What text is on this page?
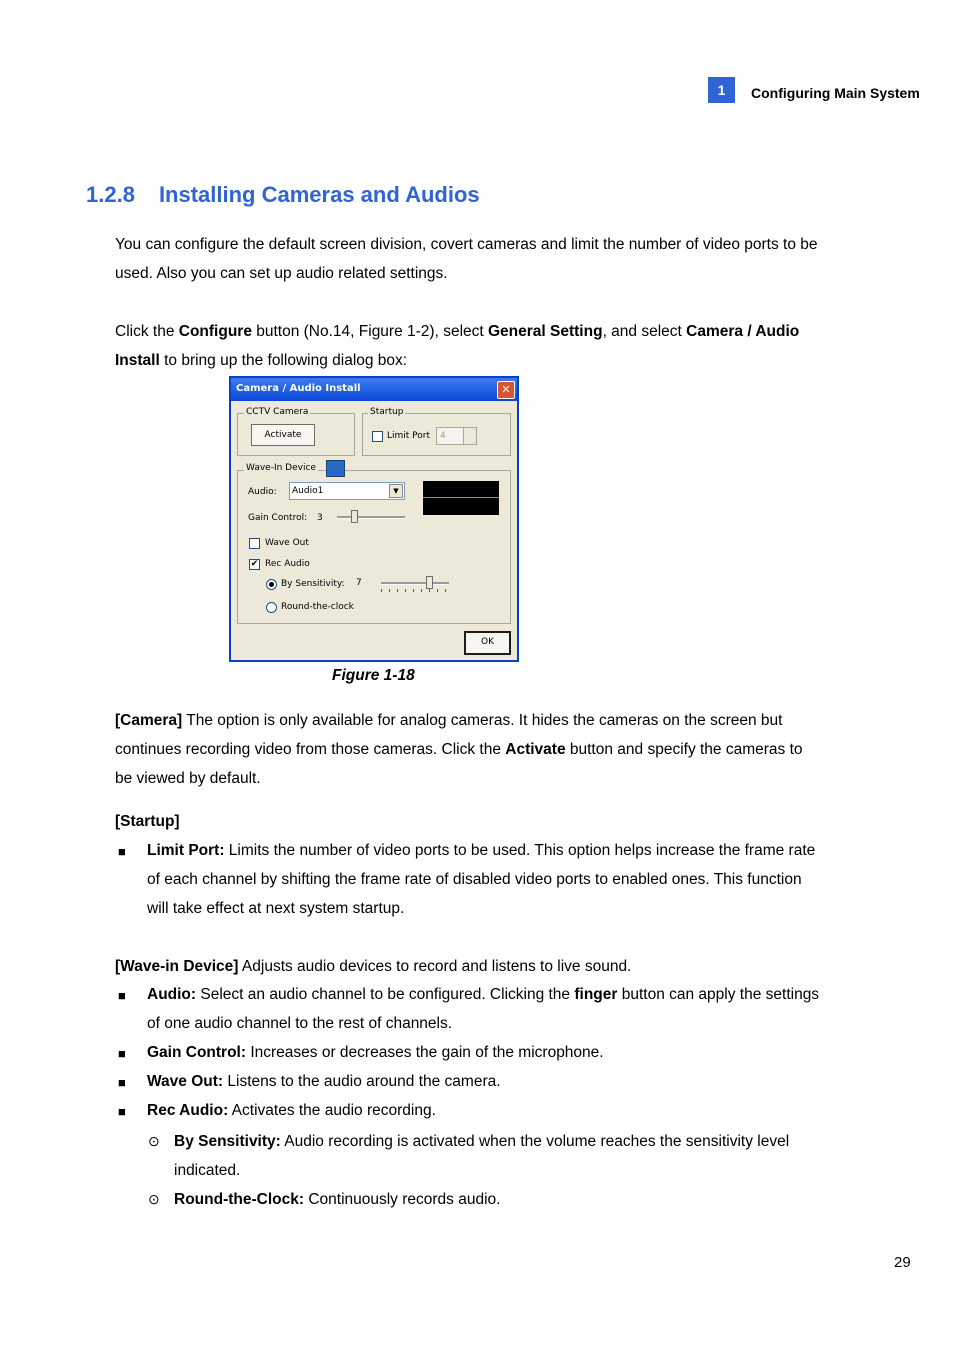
1	Configuring Main System
1.2.8 Installing Cameras and Audios
You can configure the default screen division, covert cameras and limit the number of video ports to be
used. Also you can set up audio related settings.
Click the Configure button (No.14, Figure 1-2), select General Setting, and select Camera / Audio
Install to bring up the following dialog box:
Camera / Audio Install	✕
CCTV Camera
Activate
Startup
Limit Port	4
Wave-In Device
Audio:	Audio1	▼
Gain Control: 3
Wave Out
✔ Rec Audio
By Sensitivity: 7
Round-the-clock
OK
Figure 1-18
[Camera] The option is only available for analog cameras. It hides the cameras on the screen but
continues recording video from those cameras. Click the Activate button and specify the cameras to
be viewed by default.
[Startup]
■ Limit Port: Limits the number of video ports to be used. This option helps increase the frame rate
of each channel by shifting the frame rate of disabled video ports to enabled ones. This function
will take effect at next system startup.
[Wave-in Device] Adjusts audio devices to record and listens to live sound.
■ Audio: Select an audio channel to be configured. Clicking the finger button can apply the settings
of one audio channel to the rest of channels.
■ Gain Control: Increases or decreases the gain of the microphone.
■ Wave Out: Listens to the audio around the camera.
■ Rec Audio: Activates the audio recording.
⊙ By Sensitivity: Audio recording is activated when the volume reaches the sensitivity level
indicated.
⊙ Round-the-Clock: Continuously records audio.
29
